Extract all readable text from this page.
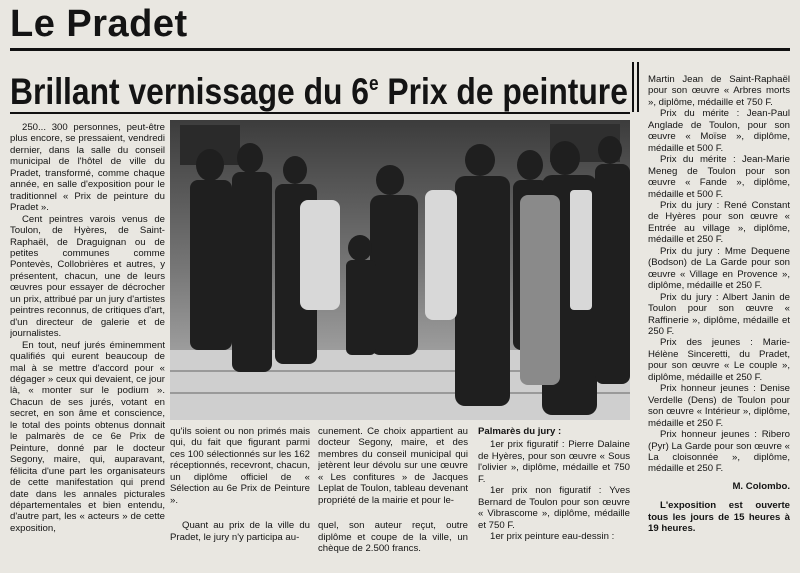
Le Pradet
Brillant vernissage du 6e Prix de peinture

250... 300 personnes, peut-être plus encore, se pressaient, vendredi dernier, dans la salle du conseil municipal de l'hôtel de ville du Pradet, transformé, comme chaque année, en salle d'exposition pour le traditionnel « Prix de peinture du Pradet ».

Cent peintres varois venus de Toulon, de Hyères, de Saint-Raphaël, de Draguignan ou de petites communes comme Pontevès, Collobrières et autres, y présentent, chacun, une de leurs œuvres pour essayer de décrocher un prix, attribué par un jury d'artistes peintres reconnus, de critiques d'art, d'un directeur de galerie et de journalistes.

En tout, neuf jurés éminemment qualifiés qui eurent beaucoup de mal à se mettre d'accord pour « dégager » ceux qui devaient, ce jour là, « monter sur le podium ». Chacun de ses jurés, votant en secret, en son âme et conscience, le total des points obtenus donnait le palmarès de ce 6e Prix de Peinture, donné par le docteur Segony, maire, qui, auparavant, félicita d'une part les organisateurs de cette manifestation qui prend date dans les annales picturales départementales et bien entendu, d'autre part, les « acteurs » de cette exposition,

qu'ils soient ou non primés mais qui, du fait que figurant parmi ces 100 sélectionnés sur les 162 réceptionnés, recevront, chacun, un diplôme officiel de « Sélection au 6e Prix de Peinture ».

Quant au prix de la ville du Pradet, le jury n'y participa au-

cunement. Ce choix appartient au docteur Segony, maire, et des membres du conseil municipal qui jetèrent leur dévolu sur une œuvre « Les confitures » de Jacques Leplat de Toulon, tableau devenant propriété de la mairie et pour le-

quel, son auteur reçut, outre diplôme et coupe de la ville, un chèque de 2.500 francs.

Palmarès du jury :

1er prix figuratif : Pierre Dalaine de Hyères, pour son œuvre « Sous l'olivier », diplôme, médaille et 750 F.

1er prix non figuratif : Yves Bernard de Toulon pour son œuvre « Vibrascome », diplôme, médaille et 750 F.

1er prix peinture eau-dessin :

Martin Jean de Saint-Raphaël pour son œuvre « Arbres morts », diplôme, médaille et 750 F.

Prix du mérite : Jean-Paul Anglade de Toulon, pour son œuvre « Moïse », diplôme, médaille et 500 F.

Prix du mérite : Jean-Marie Meneg de Toulon pour son œuvre « Fande », diplôme, médaille et 500 F.

Prix du jury : René Constant de Hyères pour son œuvre « Entrée au village », diplôme, médaille et 250 F.

Prix du jury : Mme Dequene (Bodson) de La Garde pour son œuvre « Village en Provence », diplôme, médaille et 250 F.

Prix du jury : Albert Janin de Toulon pour son œuvre « Raffinerie », diplôme, médaille et 250 F.

Prix des jeunes : Marie-Hélène Sinceretti, du Pradet, pour son œuvre « Le couple », diplôme, médaille et 250 F.

Prix honneur jeunes : Denise Verdelle (Dens) de Toulon pour son œuvre « Intérieur », diplôme, médaille et 250 F.

Prix honneur jeunes : Ribero (Pyr) La Garde pour son œuvre « La cloisonnée », diplôme, médaille et 250 F.

M. Colombo.

L'exposition est ouverte tous les jours de 15 heures à 19 heures.
